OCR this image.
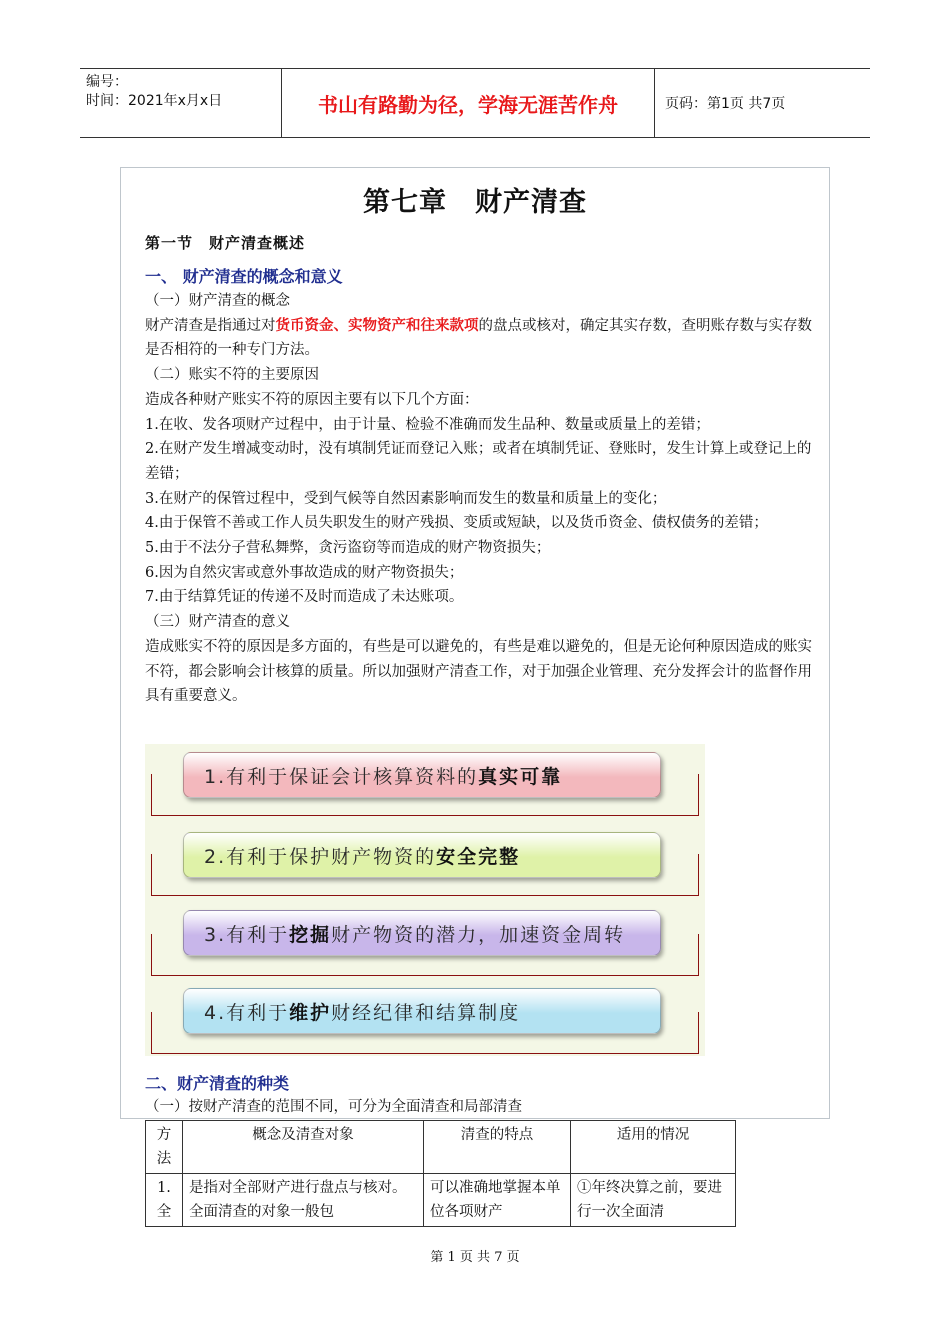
编号：
时间：2021年x月x日	书山有路勤为径，学海无涯苦作舟	页码：第1页 共7页
第七章　财产清查
第一节　财产清查概述
一、 财产清查的概念和意义

（一）财产清查的概念

财产清查是指通过对货币资金、实物资产和往来款项的盘点或核对，确定其实存数，查明账存数与实存数是否相符的一种专门方法。

（二）账实不符的主要原因

造成各种财产账实不符的原因主要有以下几个方面：

1.在收、发各项财产过程中，由于计量、检验不准确而发生品种、数量或质量上的差错；

2.在财产发生增减变动时，没有填制凭证而登记入账；或者在填制凭证、登账时，发生计算上或登记上的差错；

3.在财产的保管过程中，受到气候等自然因素影响而发生的数量和质量上的变化；

4.由于保管不善或工作人员失职发生的财产残损、变质或短缺，以及货币资金、债权债务的差错；

5.由于不法分子营私舞弊，贪污盗窃等而造成的财产物资损失；

6.因为自然灾害或意外事故造成的财产物资损失；

7.由于结算凭证的传递不及时而造成了未达账项。

（三）财产清查的意义

造成账实不符的原因是多方面的，有些是可以避免的，有些是难以避免的，但是无论何种原因造成的账实不符，都会影响会计核算的质量。所以加强财产清查工作，对于加强企业管理、充分发挥会计的监督作用具有重要意义。

1.有利于保证会计核算资料的 真实可靠
2.有利于保护财产物资的 安全完整
3.有利于 挖掘 财产物资的潜力，加速资金周转
4.有利于 维护 财经纪律和结算制度
二、财产清查的种类
（一）按财产清查的范围不同，可分为全面清查和局部清查
方法	概念及清查对象	清查的特点	适用的情况
1.全	是指对全部财产进行盘点与核对。全面清查的对象一般包	可以准确地掌握本单位各项财产	①年终决算之前，要进行一次全面清
第 1 页 共 7 页
